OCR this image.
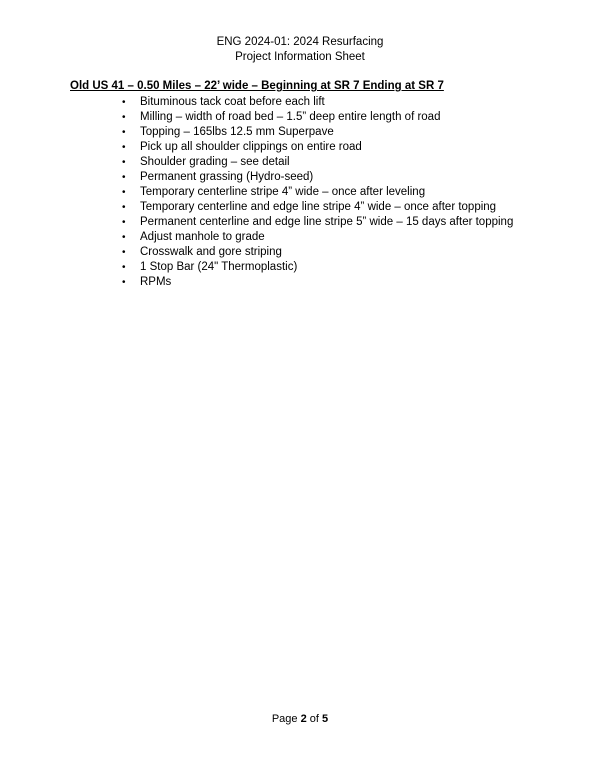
ENG 2024-01: 2024 Resurfacing
Project Information Sheet
Old US 41 – 0.50 Miles – 22’ wide – Beginning at SR 7 Ending at SR 7
• Bituminous tack coat before each lift
• Milling – width of road bed – 1.5” deep entire length of road
• Topping – 165lbs 12.5 mm Superpave
• Pick up all shoulder clippings on entire road
• Shoulder grading – see detail
• Permanent grassing (Hydro-seed)
• Temporary centerline stripe 4” wide – once after leveling
• Temporary centerline and edge line stripe 4” wide – once after topping
• Permanent centerline and edge line stripe 5” wide – 15 days after topping
• Adjust manhole to grade
• Crosswalk and gore striping
• 1 Stop Bar (24" Thermoplastic)
• RPMs
Page 2 of 5
